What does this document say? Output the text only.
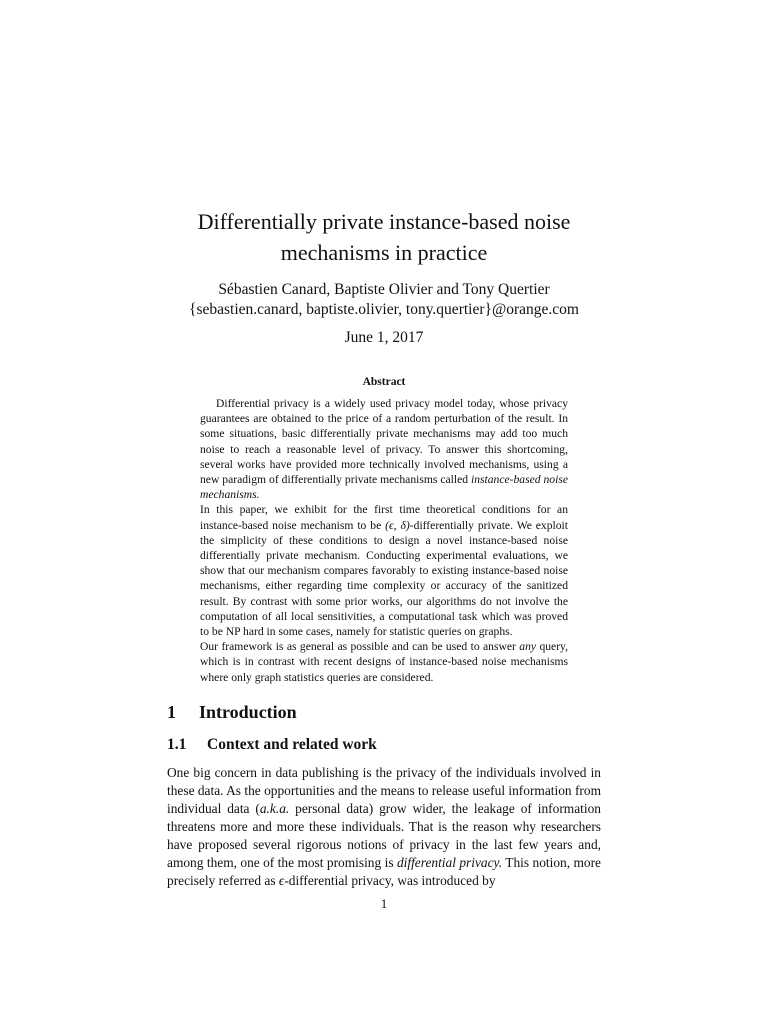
Differentially private instance-based noise
mechanisms in practice
Sébastien Canard, Baptiste Olivier and Tony Quertier
{sebastien.canard, baptiste.olivier, tony.quertier}@orange.com
June 1, 2017
Abstract

Differential privacy is a widely used privacy model today, whose privacy guarantees are obtained to the price of a random perturbation of the result. In some situations, basic differentially private mechanisms may add too much noise to reach a reasonable level of privacy. To answer this shortcoming, several works have provided more technically involved mechanisms, using a new paradigm of differentially private mechanisms called instance-based noise mechanisms.

In this paper, we exhibit for the first time theoretical conditions for an instance-based noise mechanism to be (ϵ, δ)-differentially private. We exploit the simplicity of these conditions to design a novel instance-based noise differentially private mechanism. Conducting experimental evaluations, we show that our mechanism compares favorably to existing instance-based noise mechanisms, either regarding time complexity or accuracy of the sanitized result. By contrast with some prior works, our algorithms do not involve the computation of all local sensitivities, a computational task which was proved to be NP hard in some cases, namely for statistic queries on graphs.

Our framework is as general as possible and can be used to answer any query, which is in contrast with recent designs of instance-based noise mechanisms where only graph statistics queries are considered.

1 Introduction
1.1 Context and related work

One big concern in data publishing is the privacy of the individuals involved in these data. As the opportunities and the means to release useful information from individual data (a.k.a. personal data) grow wider, the leakage of information threatens more and more these individuals. That is the reason why researchers have proposed several rigorous notions of privacy in the last few years and, among them, one of the most promising is differential privacy. This notion, more precisely referred as ϵ-differential privacy, was introduced by

1
